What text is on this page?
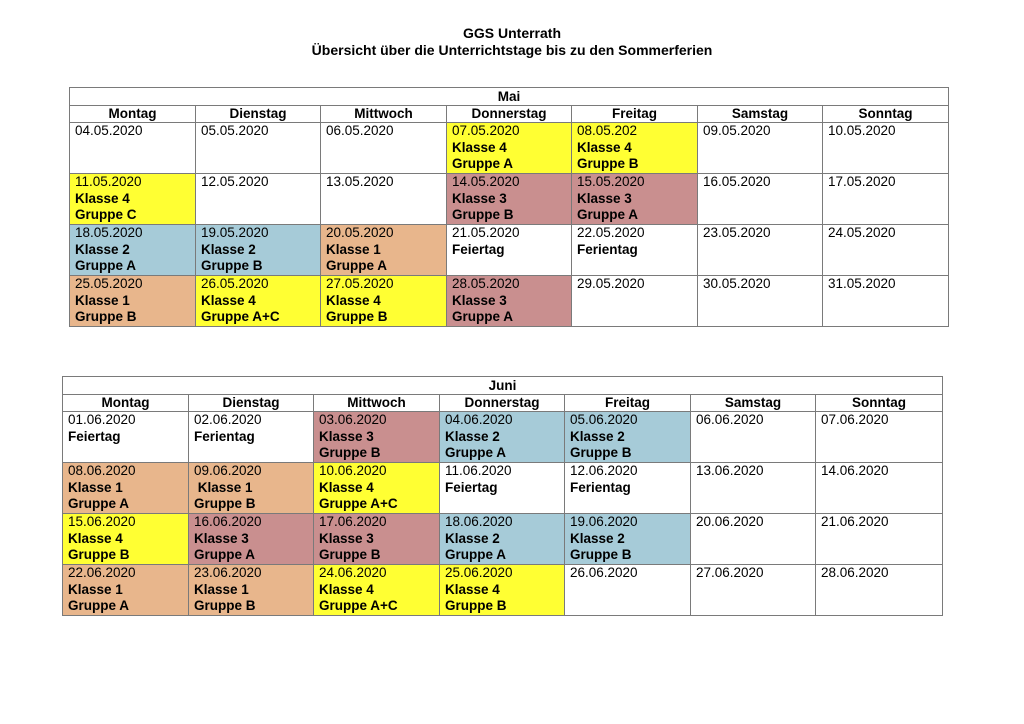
GGS Unterrath
Übersicht über die Unterrichtstage bis zu den Sommerferien
Mai						
Montag	Dienstag	Mittwoch	Donnerstag	Freitag	Samstag	Sonntag

04.05.2020	05.05.2020	06.05.2020	07.05.2020
Klasse 4
Gruppe A	08.05.202
Klasse 4
Gruppe B	09.05.2020	10.05.2020

11.05.2020
Klasse 4
Gruppe C	12.05.2020	13.05.2020	14.05.2020
Klasse 3
Gruppe B	15.05.2020
Klasse 3
Gruppe A	16.05.2020	17.05.2020

18.05.2020
Klasse 2
Gruppe A	19.05.2020
Klasse 2
Gruppe B	20.05.2020
Klasse 1
Gruppe A	21.05.2020
Feiertag	22.05.2020
Ferientag	23.05.2020	24.05.2020

25.05.2020
Klasse 1
Gruppe B	26.05.2020
Klasse 4
Gruppe A+C	27.05.2020
Klasse 4
Gruppe B	28.05.2020
Klasse 3
Gruppe A	29.05.2020	30.05.2020	31.05.2020
Juni						
Montag	Dienstag	Mittwoch	Donnerstag	Freitag	Samstag	Sonntag

01.06.2020
Feiertag	02.06.2020
Ferientag	03.06.2020
Klasse 3
Gruppe B	04.06.2020
Klasse 2
Gruppe A	05.06.2020
Klasse 2
Gruppe B	06.06.2020	07.06.2020

08.06.2020
Klasse 1
Gruppe A	09.06.2020
Klasse 1
Gruppe B	10.06.2020
Klasse 4
Gruppe A+C	11.06.2020
Feiertag	12.06.2020
Ferientag	13.06.2020	14.06.2020

15.06.2020
Klasse 4
Gruppe B	16.06.2020
Klasse 3
Gruppe A	17.06.2020
Klasse 3
Gruppe B	18.06.2020
Klasse 2
Gruppe A	19.06.2020
Klasse 2
Gruppe B	20.06.2020	21.06.2020

22.06.2020
Klasse 1
Gruppe A	23.06.2020
Klasse 1
Gruppe B	24.06.2020
Klasse 4
Gruppe A+C	25.06.2020
Klasse 4
Gruppe B	26.06.2020	27.06.2020	28.06.2020
